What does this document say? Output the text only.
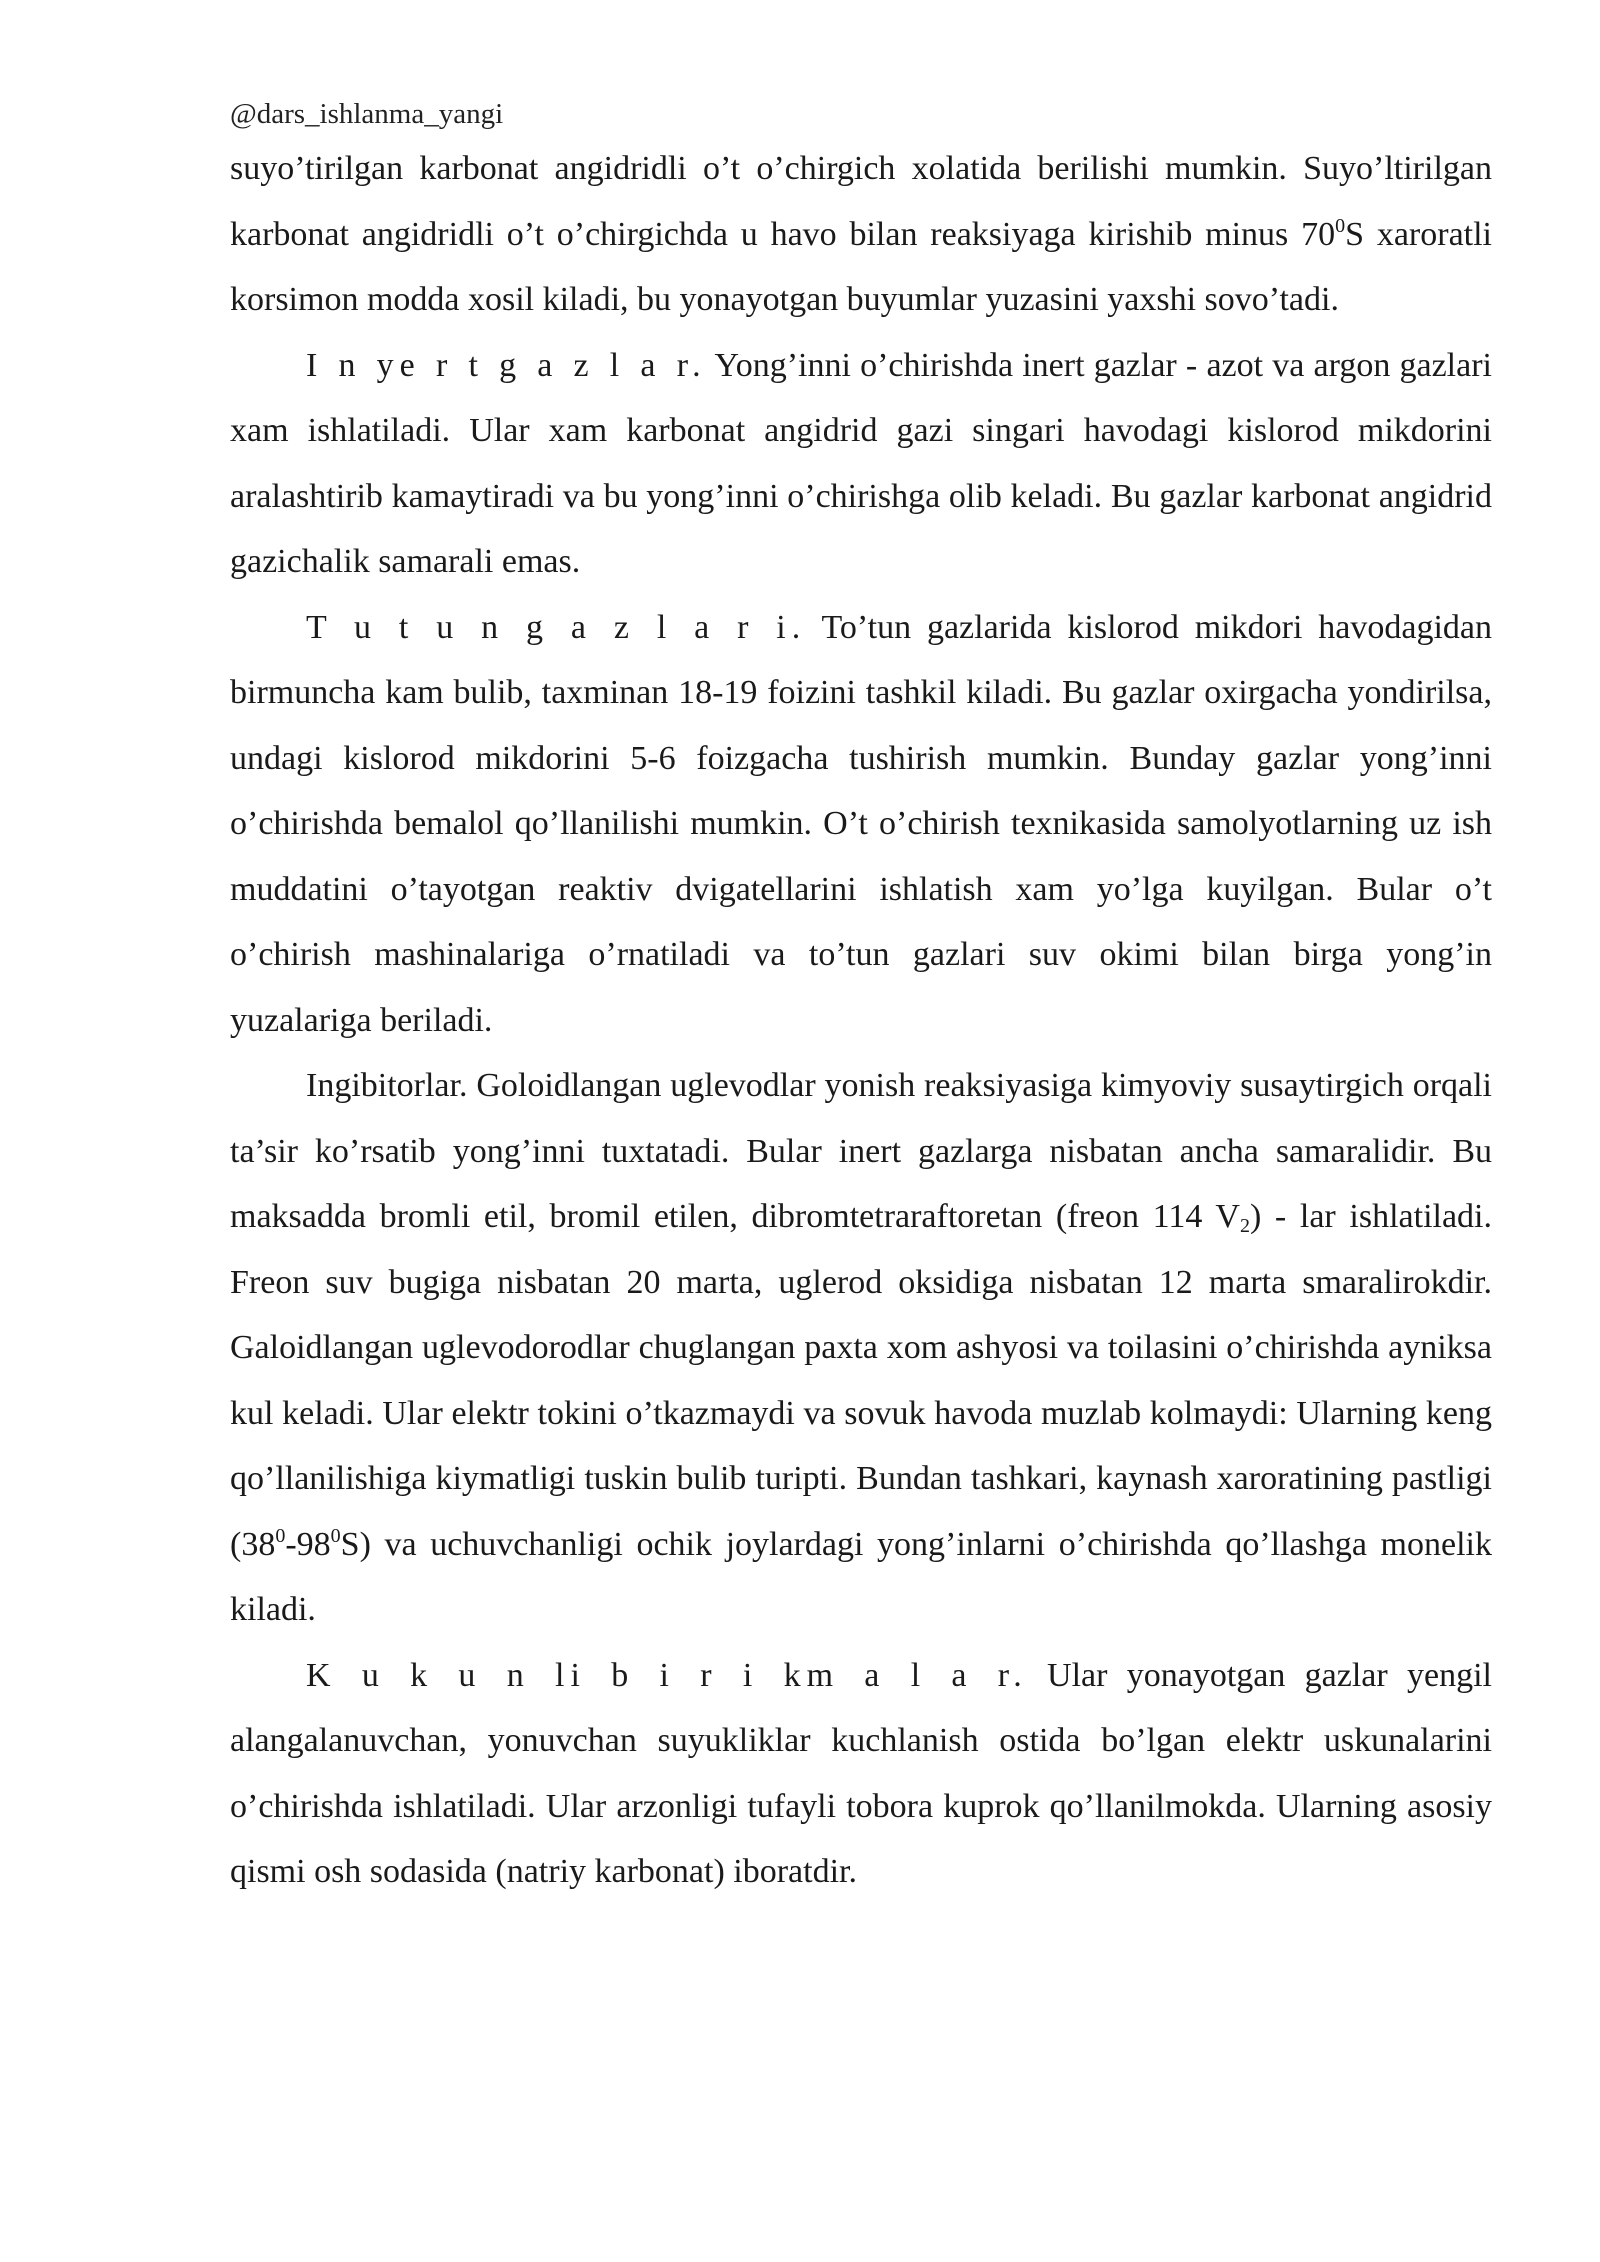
@dars_ishlanma_yangi

suyo’tirilgan karbonat angidridli o’t o’chirgich xolatida berilishi mumkin. Suyo’ltirilgan karbonat angidridli o’t o’chirgichda u havo bilan reaksiyaga kirishib minus $70^0S$ xaroratli korsimon modda xosil kiladi, bu yonayotgan buyumlar yuzasini yaxshi sovo’tadi.

I n ye r t g a z l a r. Yong’inni o’chirishda inert gazlar - azot va argon gazlari xam ishlatiladi. Ular xam karbonat angidrid gazi singari havodagi kislorod mikdorini aralashtirib kamaytiradi va bu yong’inni o’chirishga olib keladi. Bu gazlar karbonat angidrid gazichalik samarali emas.

T u t u n g a z l a r i. To’tun gazlarida kislorod mikdori havodagidan birmuncha kam bulib, taxminan 18-19 foizini tashkil kiladi. Bu gazlar oxirgacha yondirilsa, undagi kislorod mikdorini 5-6 foizgacha tushirish mumkin. Bunday gazlar yong’inni o’chirishda bemalol qo’llanilishi mumkin. O’t o’chirish texnikasida samolyotlarning uz ish muddatini o’tayotgan reaktiv dvigatellarini ishlatish xam yo’lga kuyilgan. Bular o’t o’chirish mashinalariga o’rnatiladi va to’tun gazlari suv okimi bilan birga yong’in yuzalariga beriladi.

Ingibitorlar. Goloidlangan uglevodlar yonish reaksiyasiga kimyoviy susaytirgich orqali ta’sir ko’rsatib yong’inni tuxtatadi. Bular inert gazlarga nisbatan ancha samaralidir. Bu maksadda bromli etil, bromil etilen, dibromtetraraftoretan (freon 114 $V_2$) - lar ishlatiladi. Freon suv bugiga nisbatan 20 marta, uglerod oksidiga nisbatan 12 marta smaralirokdir. Galoidlangan uglevodorodlar chuglangan paxta xom ashyosi va toilasini o’chirishda ayniksa kul keladi. Ular elektr tokini o’tkazmaydi va sovuk havoda muzlab kolmaydi: Ularning keng qo’llanilishiga kiymatligi tuskin bulib turipti. Bundan tashkari, kaynash xaroratining pastligi $(38^0-98^0S)$ va uchuvchanligi ochik joylardagi yong’inlarni o’chirishda qo’llashga monelik kiladi.

K u k u n li b i r i km a l a r. Ular yonayotgan gazlar yengil alangalanuvchan, yonuvchan suyukliklar kuchlanish ostida bo’lgan elektr uskunalarini o’chirishda ishlatiladi. Ular arzonligi tufayli tobora kuprok qo’llanilmokda. Ularning asosiy qismi osh sodasida (natriy karbonat) iboratdir.
